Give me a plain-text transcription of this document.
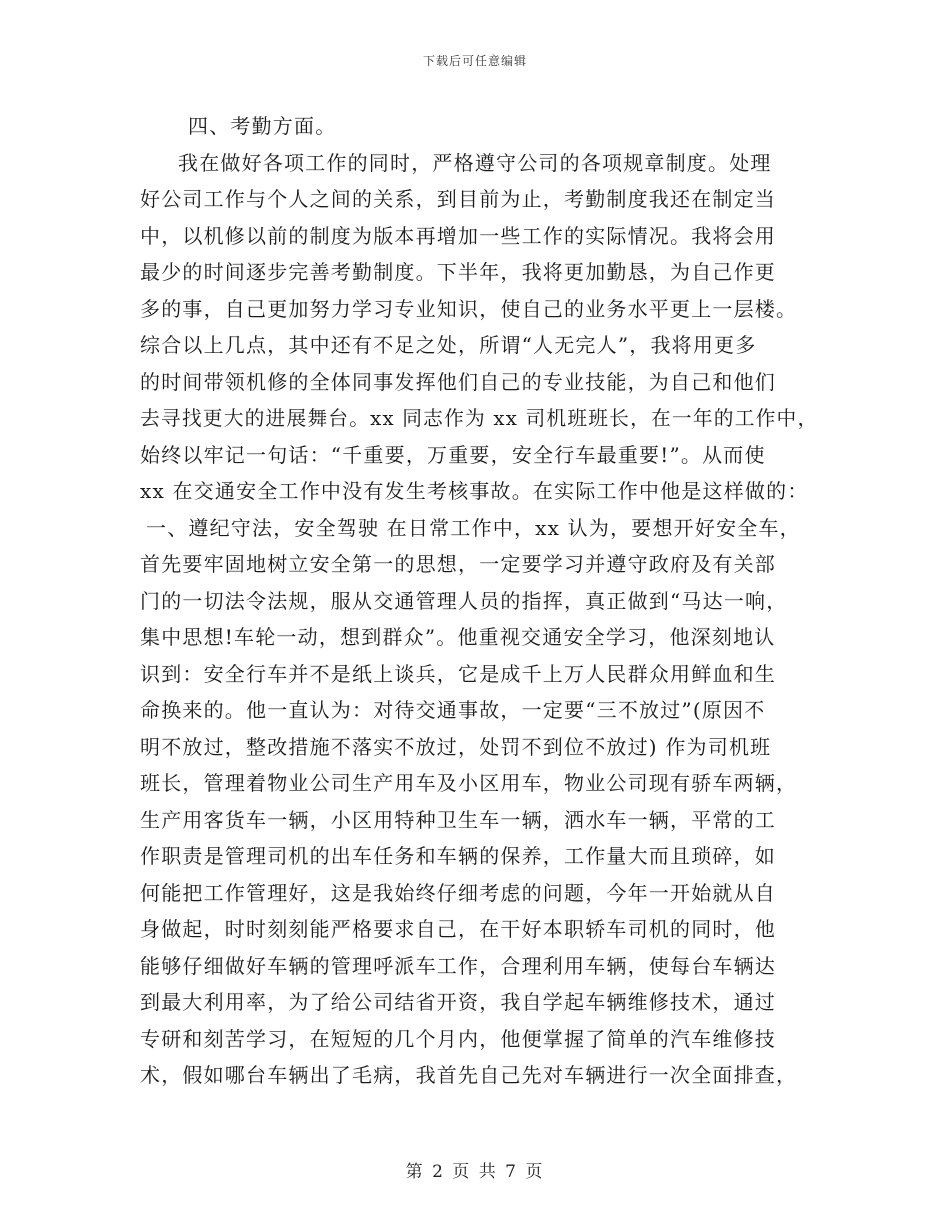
下载后可任意编辑
四、考勤方面。
我在做好各项工作的同时，严格遵守公司的各项规章制度。处理
好公司工作与个人之间的关系，到目前为止，考勤制度我还在制定当
中，以机修以前的制度为版本再增加一些工作的实际情况。我将会用
最少的时间逐步完善考勤制度。下半年，我将更加勤恳，为自己作更
多的事，自己更加努力学习专业知识，使自己的业务水平更上一层楼。
综合以上几点，其中还有不足之处，所谓“人无完人”，我将用更多
的时间带领机修的全体同事发挥他们自己的专业技能，为自己和他们
去寻找更大的进展舞台。xx 同志作为 xx 司机班班长，在一年的工作中，
始终以牢记一句话：“千重要，万重要，安全行车最重要!”。从而使
xx 在交通安全工作中没有发生考核事故。在实际工作中他是这样做的：
一、遵纪守法，安全驾驶 在日常工作中，xx 认为，要想开好安全车，
首先要牢固地树立安全第一的思想，一定要学习并遵守政府及有关部
门的一切法令法规，服从交通管理人员的指挥，真正做到“马达一响，
集中思想!车轮一动，想到群众”。他重视交通安全学习，他深刻地认
识到：安全行车并不是纸上谈兵，它是成千上万人民群众用鲜血和生
命换来的。他一直认为：对待交通事故，一定要“三不放过”(原因不
明不放过，整改措施不落实不放过，处罚不到位不放过) 作为司机班
班长，管理着物业公司生产用车及小区用车，物业公司现有骄车两辆，
生产用客货车一辆，小区用特种卫生车一辆，洒水车一辆，平常的工
作职责是管理司机的出车任务和车辆的保养，工作量大而且琐碎，如
何能把工作管理好，这是我始终仔细考虑的问题，今年一开始就从自
身做起，时时刻刻能严格要求自己，在干好本职轿车司机的同时，他
能够仔细做好车辆的管理呼派车工作，合理利用车辆，使每台车辆达
到最大利用率，为了给公司结省开资，我自学起车辆维修技术，通过
专研和刻苦学习，在短短的几个月内，他便掌握了简单的汽车维修技
术，假如哪台车辆出了毛病，我首先自己先对车辆进行一次全面排查，
第 2 页 共 7 页
